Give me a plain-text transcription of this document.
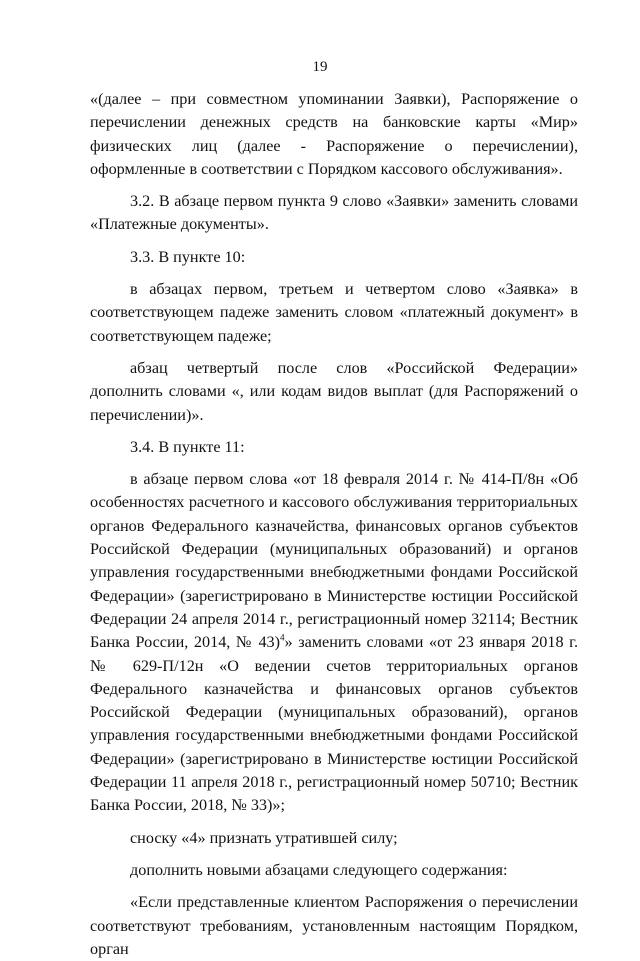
19

«(далее – при совместном упоминании Заявки), Распоряжение о перечислении денежных средств на банковские карты «Мир» физических лиц (далее - Распоряжение о перечислении), оформленные в соответствии с Порядком кассового обслуживания».

3.2. В абзаце первом пункта 9 слово «Заявки» заменить словами «Платежные документы».

3.3. В пункте 10:

в абзацах первом, третьем и четвертом слово «Заявка» в соответствующем падеже заменить словом «платежный документ» в соответствующем падеже;

абзац четвертый после слов «Российской Федерации» дополнить словами «, или кодам видов выплат (для Распоряжений о перечислении)».

3.4. В пункте 11:

в абзаце первом слова «от 18 февраля 2014 г. № 414-П/8н «Об особенностях расчетного и кассового обслуживания территориальных органов Федерального казначейства, финансовых органов субъектов Российской Федерации (муниципальных образований) и органов управления государственными внебюджетными фондами Российской Федерации» (зарегистрировано в Министерстве юстиции Российской Федерации 24 апреля 2014 г., регистрационный номер 32114; Вестник Банка России, 2014, № 43)$^4$» заменить словами «от 23 января 2018 г. № 629-П/12н «О ведении счетов территориальных органов Федерального казначейства и финансовых органов субъектов Российской Федерации (муниципальных образований), органов управления государственными внебюджетными фондами Российской Федерации» (зарегистрировано в Министерстве юстиции Российской Федерации 11 апреля 2018 г., регистрационный номер 50710; Вестник Банка России, 2018, № 33)»;

сноску «4» признать утратившей силу;

дополнить новыми абзацами следующего содержания:

«Если представленные клиентом Распоряжения о перечислении соответствуют требованиям, установленным настоящим Порядком, орган
